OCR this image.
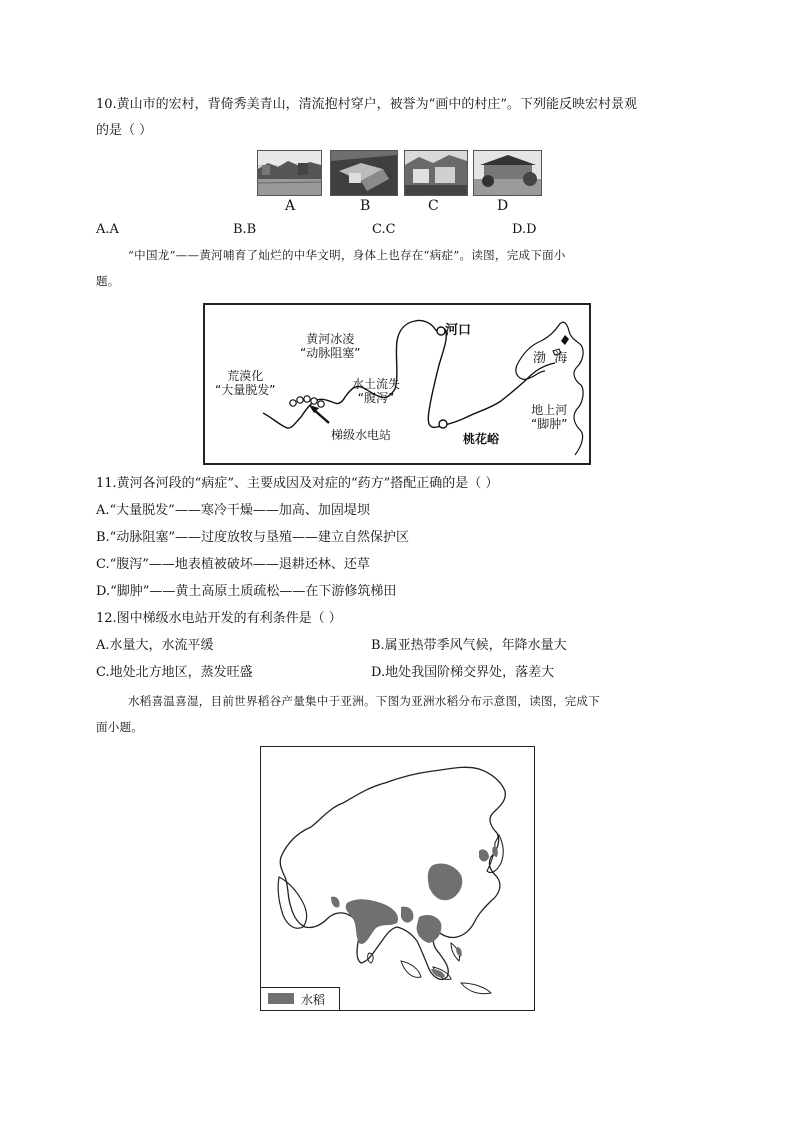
10.黄山市的宏村，背倚秀美青山，清流抱村穿户，被誉为“画中的村庄”。下列能反映宏村景观
的是（ ）
A	B	C	D
A.A	B.B	C.C	D.D
“中国龙”——黄河哺育了灿烂的中华文明，身体上也存在“病症”。读图，完成下面小
题。
黄河冰凌
“动脉阻塞”
河口
渤 海
荒漠化
“大量脱发”	水土流失
“腹泻”
梯级水电站	桃花峪
地上河
“脚肿”
11.黄河各河段的“病症”、主要成因及对症的“药方”搭配正确的是（ ）
A.“大量脱发”——寒冷干燥——加高、加固堤坝
B.“动脉阻塞”——过度放牧与垦殖——建立自然保护区
C.“腹泻”——地表植被破坏——退耕还林、还草
D.“脚肿”——黄土高原土质疏松——在下游修筑梯田
12.图中梯级水电站开发的有利条件是（ ）
A.水量大，水流平缓	B.属亚热带季风气候，年降水量大
C.地处北方地区，蒸发旺盛	D.地处我国阶梯交界处，落差大
水稻喜温喜湿，目前世界稻谷产量集中于亚洲。下图为亚洲水稻分布示意图，读图，完成下
面小题。
水稻
